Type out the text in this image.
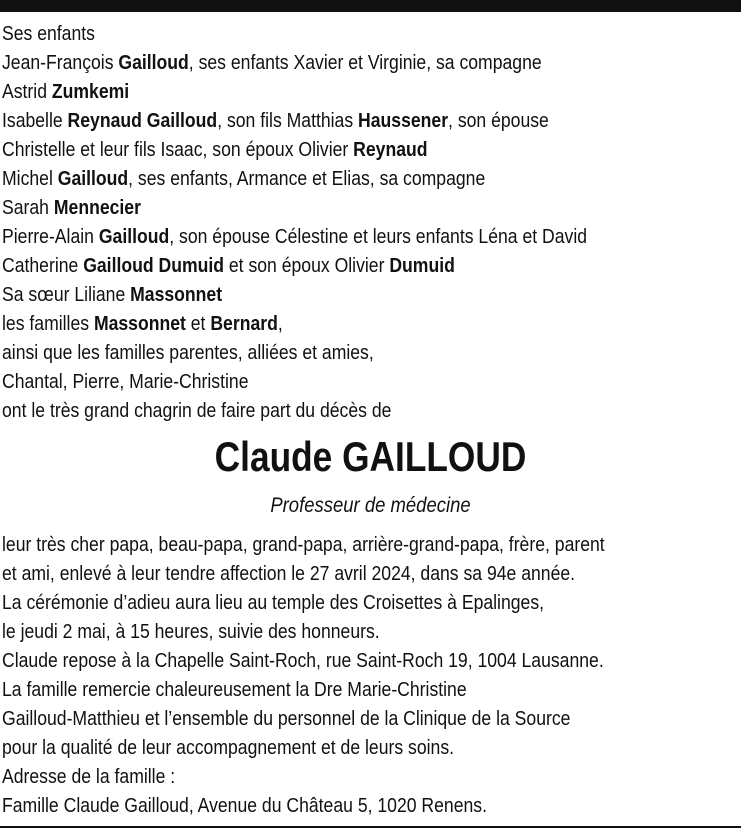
Ses enfants

Jean-François Gailloud, ses enfants Xavier et Virginie, sa compagne

Astrid Zumkemi

Isabelle Reynaud Gailloud, son fils Matthias Haussener, son épouse

Christelle et leur fils Isaac, son époux Olivier Reynaud

Michel Gailloud, ses enfants, Armance et Elias, sa compagne

Sarah Mennecier

Pierre-Alain Gailloud, son épouse Célestine et leurs enfants Léna et David

Catherine Gailloud Dumuid et son époux Olivier Dumuid

Sa sœur Liliane Massonnet

les familles Massonnet et Bernard,

ainsi que les familles parentes, alliées et amies,

Chantal, Pierre, Marie-Christine

ont le très grand chagrin de faire part du décès de

Claude GAILLOUD
Professeur de médecine

leur très cher papa, beau-papa, grand-papa, arrière-grand-papa, frère, parent

et ami, enlevé à leur tendre affection le 27 avril 2024, dans sa 94e année.

La cérémonie d’adieu aura lieu au temple des Croisettes à Epalinges,

le jeudi 2 mai, à 15 heures, suivie des honneurs.

Claude repose à la Chapelle Saint-Roch, rue Saint-Roch 19, 1004 Lausanne.

La famille remercie chaleureusement la Dre Marie-Christine

Gailloud-Matthieu et l’ensemble du personnel de la Clinique de la Source

pour la qualité de leur accompagnement et de leurs soins.

Adresse de la famille :

Famille Claude Gailloud, Avenue du Château 5, 1020 Renens.
